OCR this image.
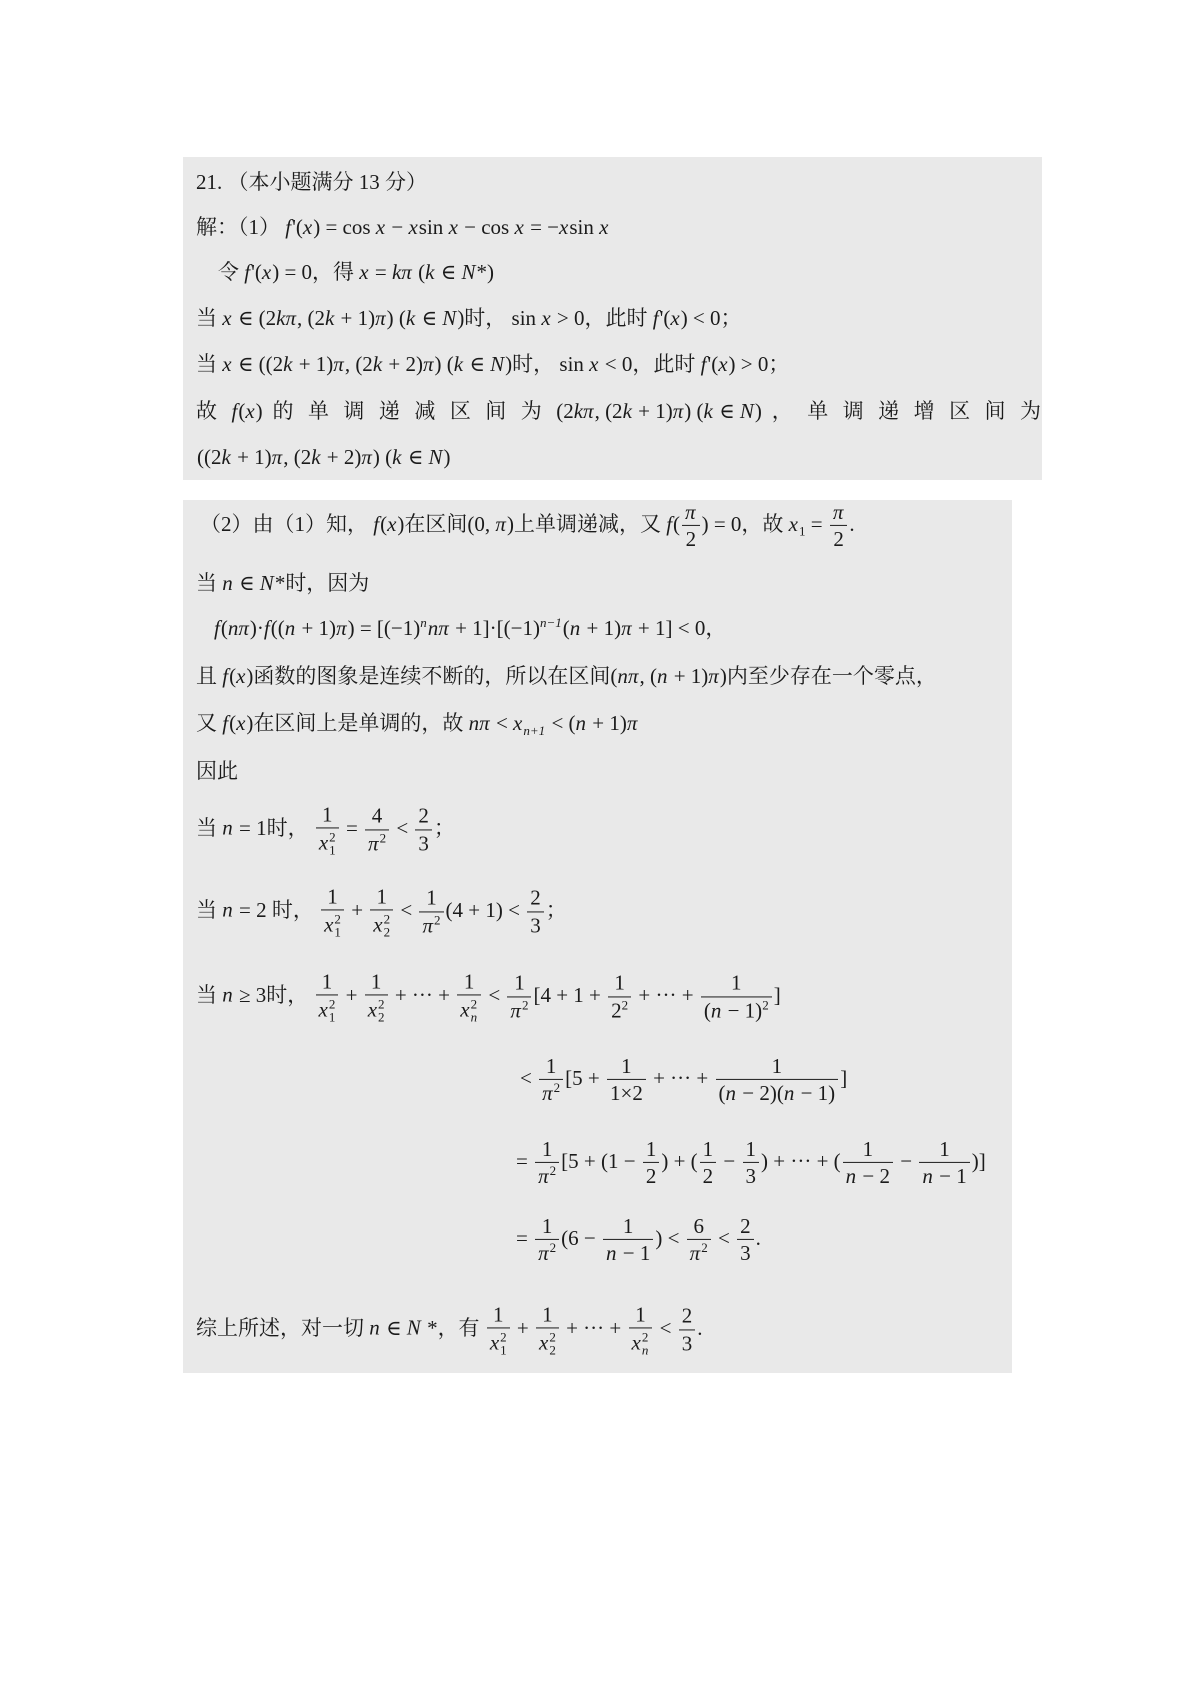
21. （本小题满分 13 分）
解：（1） f'(x) = cos x − xsin x − cos x = −xsin x
令 f'(x) = 0，得 x = kπ (k ∈ N*)
当 x ∈ (2kπ, (2k + 1)π) (k ∈ N)时， sin x > 0，此时 f'(x) < 0；
当 x ∈ ((2k + 1)π, (2k + 2)π) (k ∈ N)时， sin x < 0，此时 f'(x) > 0；
故 f(x) 的 单 调 递 减 区 间 为 (2kπ, (2k + 1)π) (k ∈ N) ， 单 调 递 增 区 间 为
((2k + 1)π, (2k + 2)π) (k ∈ N)
（2）由（1）知， f(x)在区间(0, π)上单调递减，又 $f( \frac{\pi}{2}$ ) = 0，故 $x_1 = \frac{\pi}{2}$ .
当 n ∈ N*时，因为
$f(n\pi)\cdot f((n + 1)\pi) = [(-1)^nn\pi + 1]\cdot[(-1)^{n-1}(n + 1)\pi + 1] < 0$，
且 f(x)函数的图象是连续不断的，所以在区间(nπ, (n + 1)π)内至少存在一个零点，
又 f(x)在区间上是单调的，故 $n\pi < x_{n+1} < (n + 1)\pi$
因此
当 n = 1时， 1
x 2
$1 = \frac{4}{\pi^2} < \frac{2}{3}$ ；
当 n = 2 时， 1
x 2
1 + 1
x 2
$2 < \frac{1}{\pi^2} (4 + 1) < \frac{2}{3}$ ；
当 n ≥ 3时， 1
x 2
1 + 1
x 2
2 + ··· + 1
x 2
$n < \frac{1}{\pi^2} [4 + 1 + \frac{1}{2^2}$ + ··· + $\frac{1}{(n - 1)^2}$ ]
< $\frac{1}{\pi^2} [5 + \frac{1}{1\times 2}$ + ··· + $\frac{1}{(n - 2)(n - 1)}$ ]
= $\frac{1}{\pi^2} [5 + (1 - \frac{1}{2}$ ) + ( $\frac{1}{2} - \frac{1}{3}$ ) + ··· + ( $\frac{1}{n - 2} - \frac{1}{n - 1}$ )]
= $\frac{1}{\pi^2} (6 - \frac{1}{n - 1}$ ) < $\frac{6}{\pi^2} < \frac{2}{3}$ .
综上所述，对一切 n ∈ N *，有 1
x 2
1 + 1
x 2
2 + ··· + 1
x 2
$n < \frac{2}{3}$ .
